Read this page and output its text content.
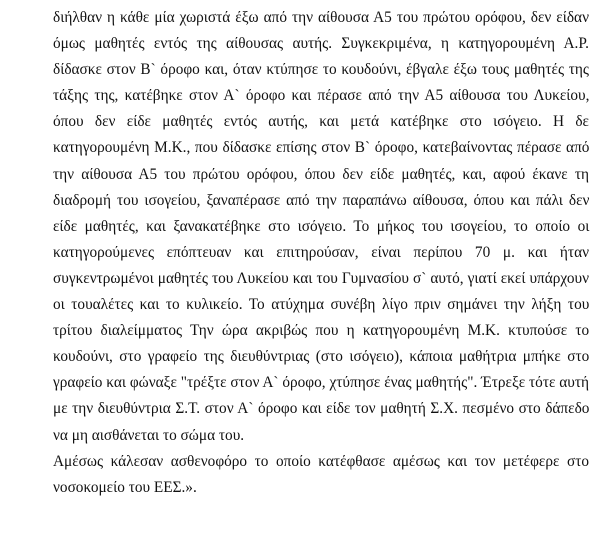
διήλθαν η κάθε μία χωριστά έξω από την αίθουσα Α5 του πρώτου ορόφου, δεν είδαν
όμως μαθητές εντός της αίθουσας αυτής. Συγκεκριμένα, η κατηγορουμένη Α.Ρ.
δίδασκε στον Β` όροφο και, όταν κτύπησε το κουδούνι, έβγαλε έξω τους μαθητές της
τάξης της, κατέβηκε στον Α` όροφο και πέρασε από την Α5 αίθουσα του Λυκείου,
όπου δεν είδε μαθητές εντός αυτής, και μετά κατέβηκε στο ισόγειο. Η δε
κατηγορουμένη Μ.Κ., που δίδασκε επίσης στον Β` όροφο, κατεβαίνοντας πέρασε από
την αίθουσα Α5 του πρώτου ορόφου, όπου δεν είδε μαθητές, και, αφού έκανε τη
διαδρομή του ισογείου, ξαναπέρασε από την παραπάνω αίθουσα, όπου και πάλι δεν
είδε μαθητές, και ξανακατέβηκε στο ισόγειο. Το μήκος του ισογείου, το οποίο οι
κατηγορούμενες επόπτευαν και επιτηρούσαν, είναι περίπου 70 μ. και ήταν
συγκεντρωμένοι μαθητές του Λυκείου και του Γυμνασίου σ` αυτό, γιατί εκεί υπάρχουν
οι τουαλέτες και το κυλικείο. Το ατύχημα συνέβη λίγο πριν σημάνει την λήξη του
τρίτου διαλείμματος Την ώρα ακριβώς που η κατηγορουμένη Μ.Κ. κτυπούσε το
κουδούνι, στο γραφείο της διευθύντριας (στο ισόγειο), κάποια μαθήτρια μπήκε στο
γραφείο και φώναξε "τρέξτε στον Α` όροφο, χτύπησε ένας μαθητής". Έτρεξε τότε αυτή
με την διευθύντρια Σ.Τ. στον Α` όροφο και είδε τον μαθητή Σ.Χ. πεσμένο στο δάπεδο
να μη αισθάνεται το σώμα του.
Αμέσως κάλεσαν ασθενοφόρο το οποίο κατέφθασε αμέσως και τον μετέφερε στο
νοσοκομείο του ΕΕΣ.».
